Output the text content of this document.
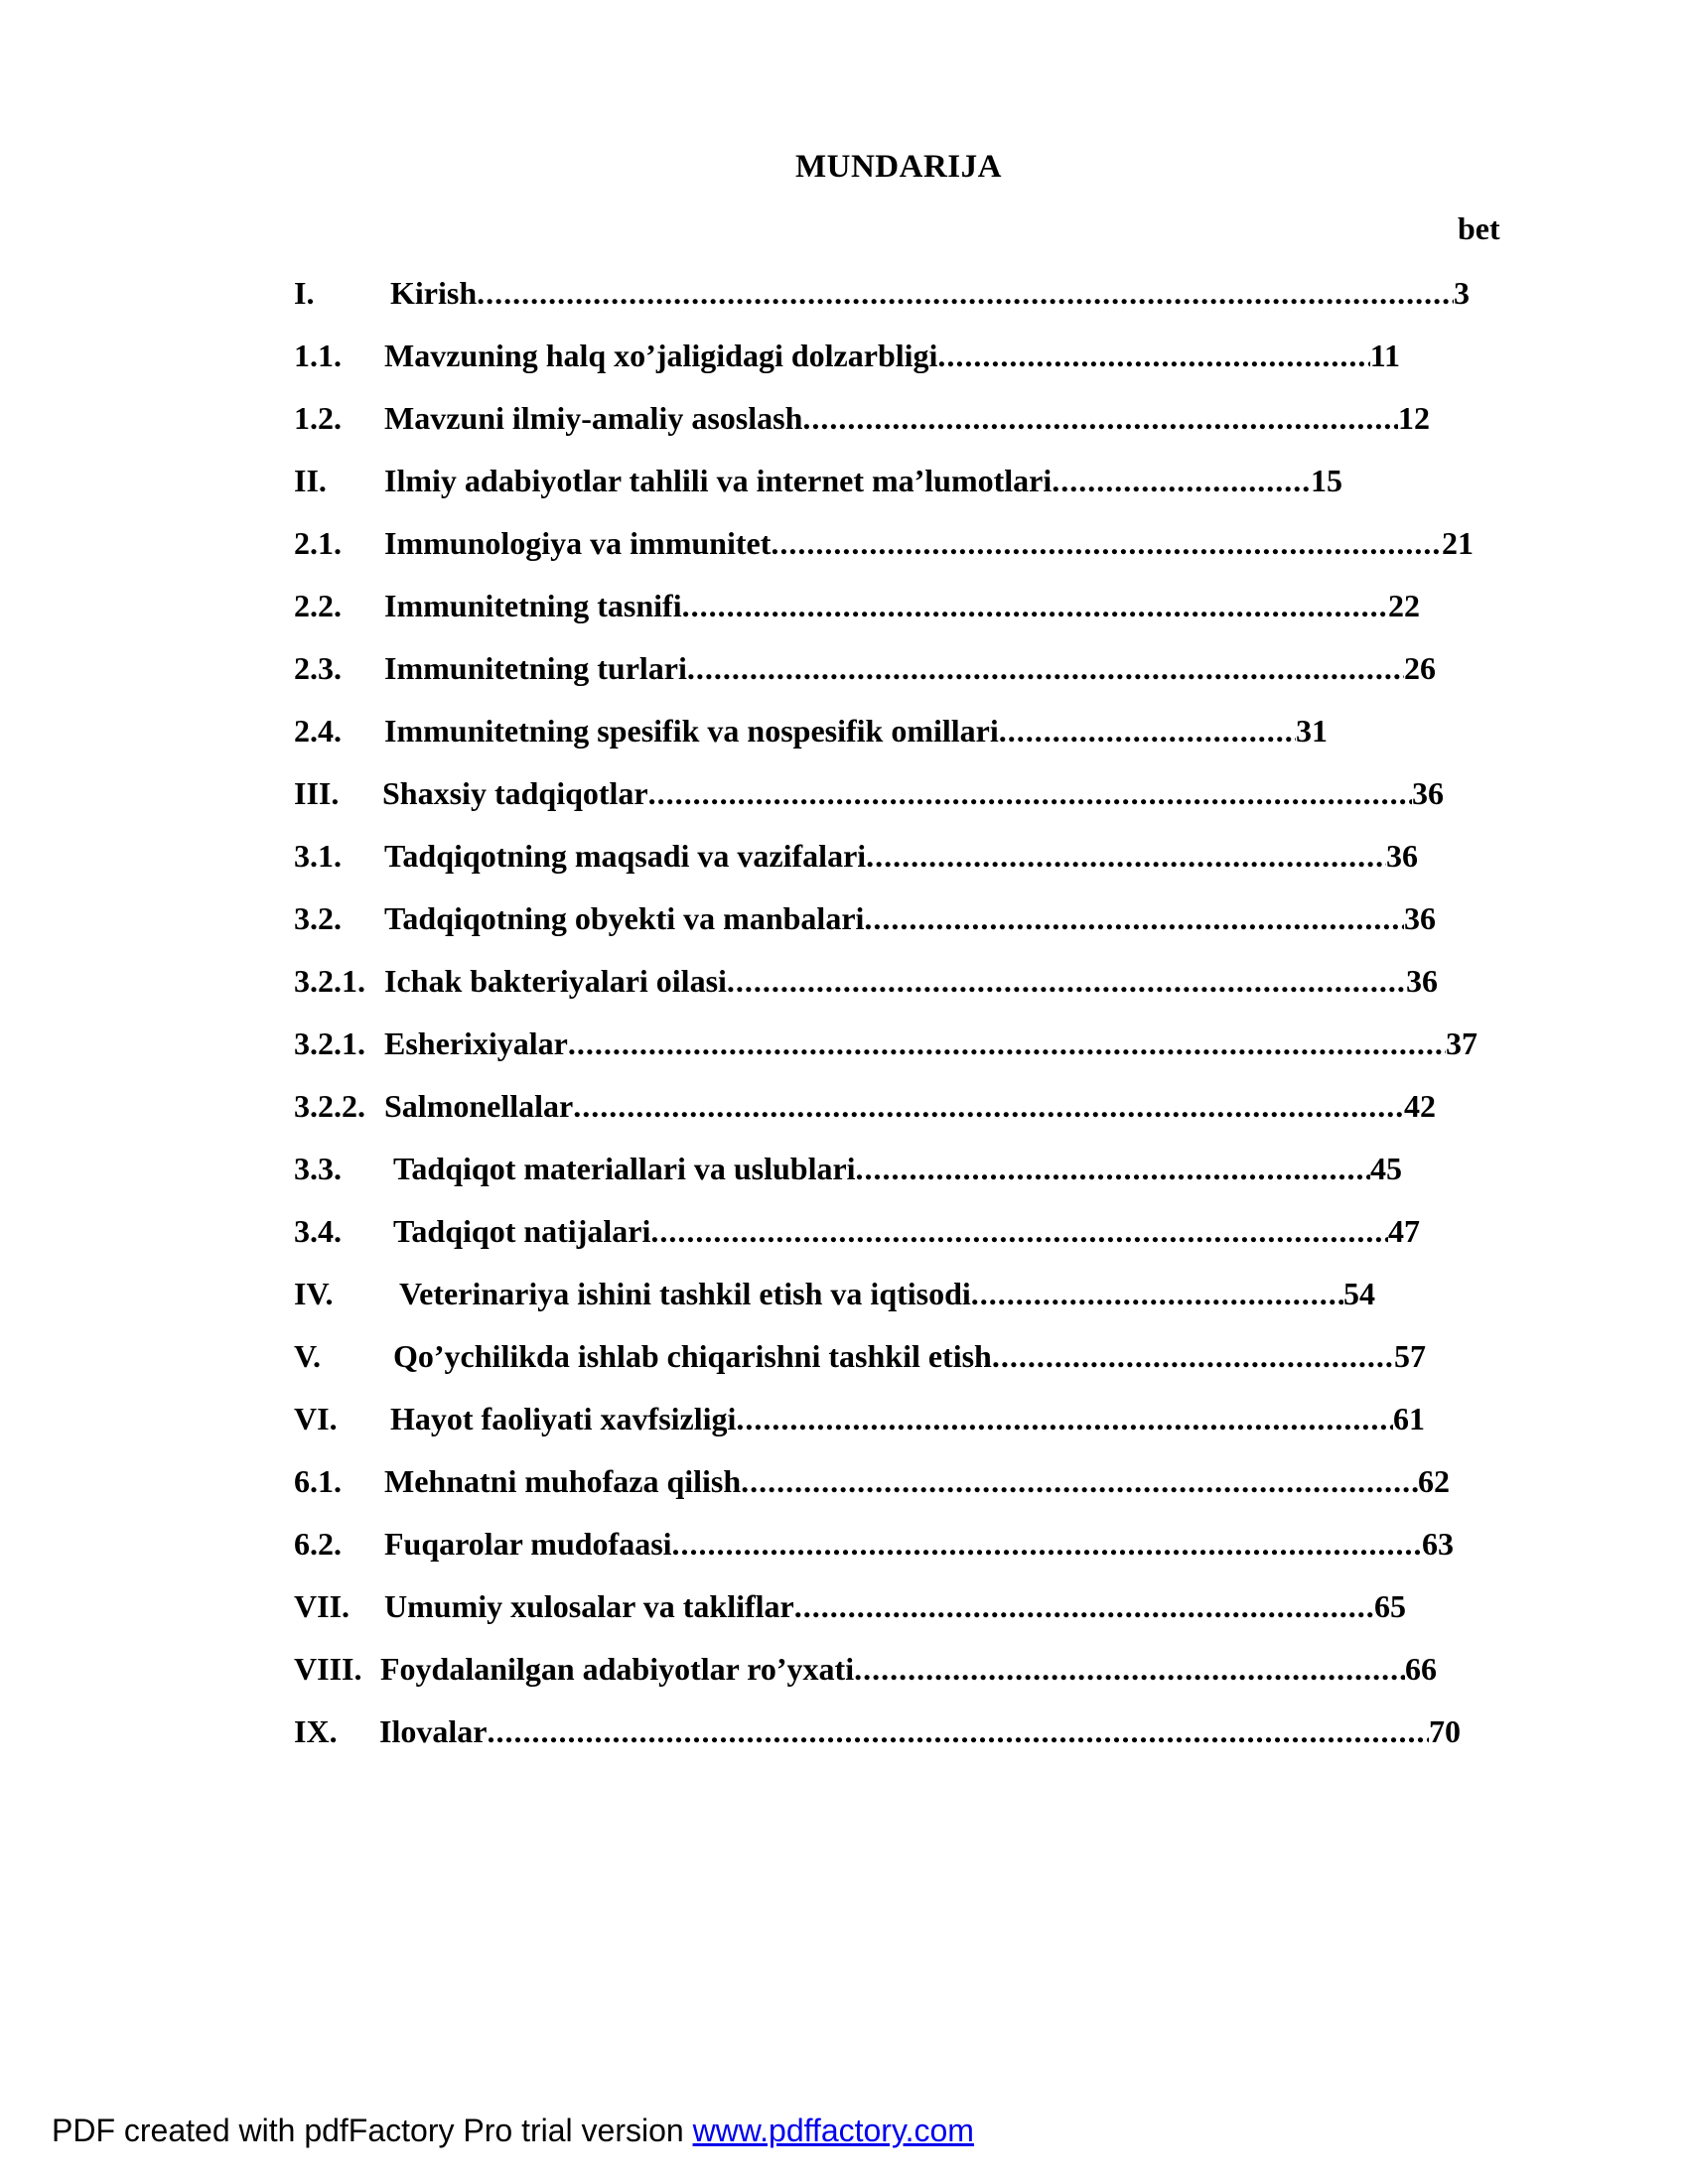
MUNDARIJA
bet
I. Kirish .....	3
1.1. Mavzuning halq xo’jaligidagi dolzarbligi .....	11
1.2. Mavzuni ilmiy-amaliy asoslash .....	12
II. Ilmiy adabiyotlar tahlili va internet ma’lumotlari .....	15
2.1. Immunologiya va immunitet .....	21
2.2. Immunitetning tasnifi .....	22
2.3. Immunitetning turlari .....	26
2.4. Immunitetning spesifik va nospesifik omillari .....	31
III. Shaxsiy tadqiqotlar .....	36
3.1. Tadqiqotning maqsadi va vazifalari .....	36
3.2. Tadqiqotning obyekti va manbalari .....	36
3.2.1. Ichak bakteriyalari oilasi .....	36
3.2.1. Esherixiyalar .....	37
3.2.2. Salmonellalar .....	42
3.3. Tadqiqot materiallari va uslublari .....	45
3.4. Tadqiqot natijalari .....	47
IV. Veterinariya ishini tashkil etish va iqtisodi .....	54
V. Qo’ychilikda ishlab chiqarishni tashkil etish .....	57
VI. Hayot faoliyati xavfsizligi .....	61
6.1. Mehnatni muhofaza qilish .....	62
6.2. Fuqarolar mudofaasi .....	63
VII. Umumiy xulosalar va takliflar .....	65
VIII. Foydalanilgan adabiyotlar ro’yxati .....	66
IX. Ilovalar .....	70
PDF created with pdfFactory Pro trial version www.pdffactory.com
